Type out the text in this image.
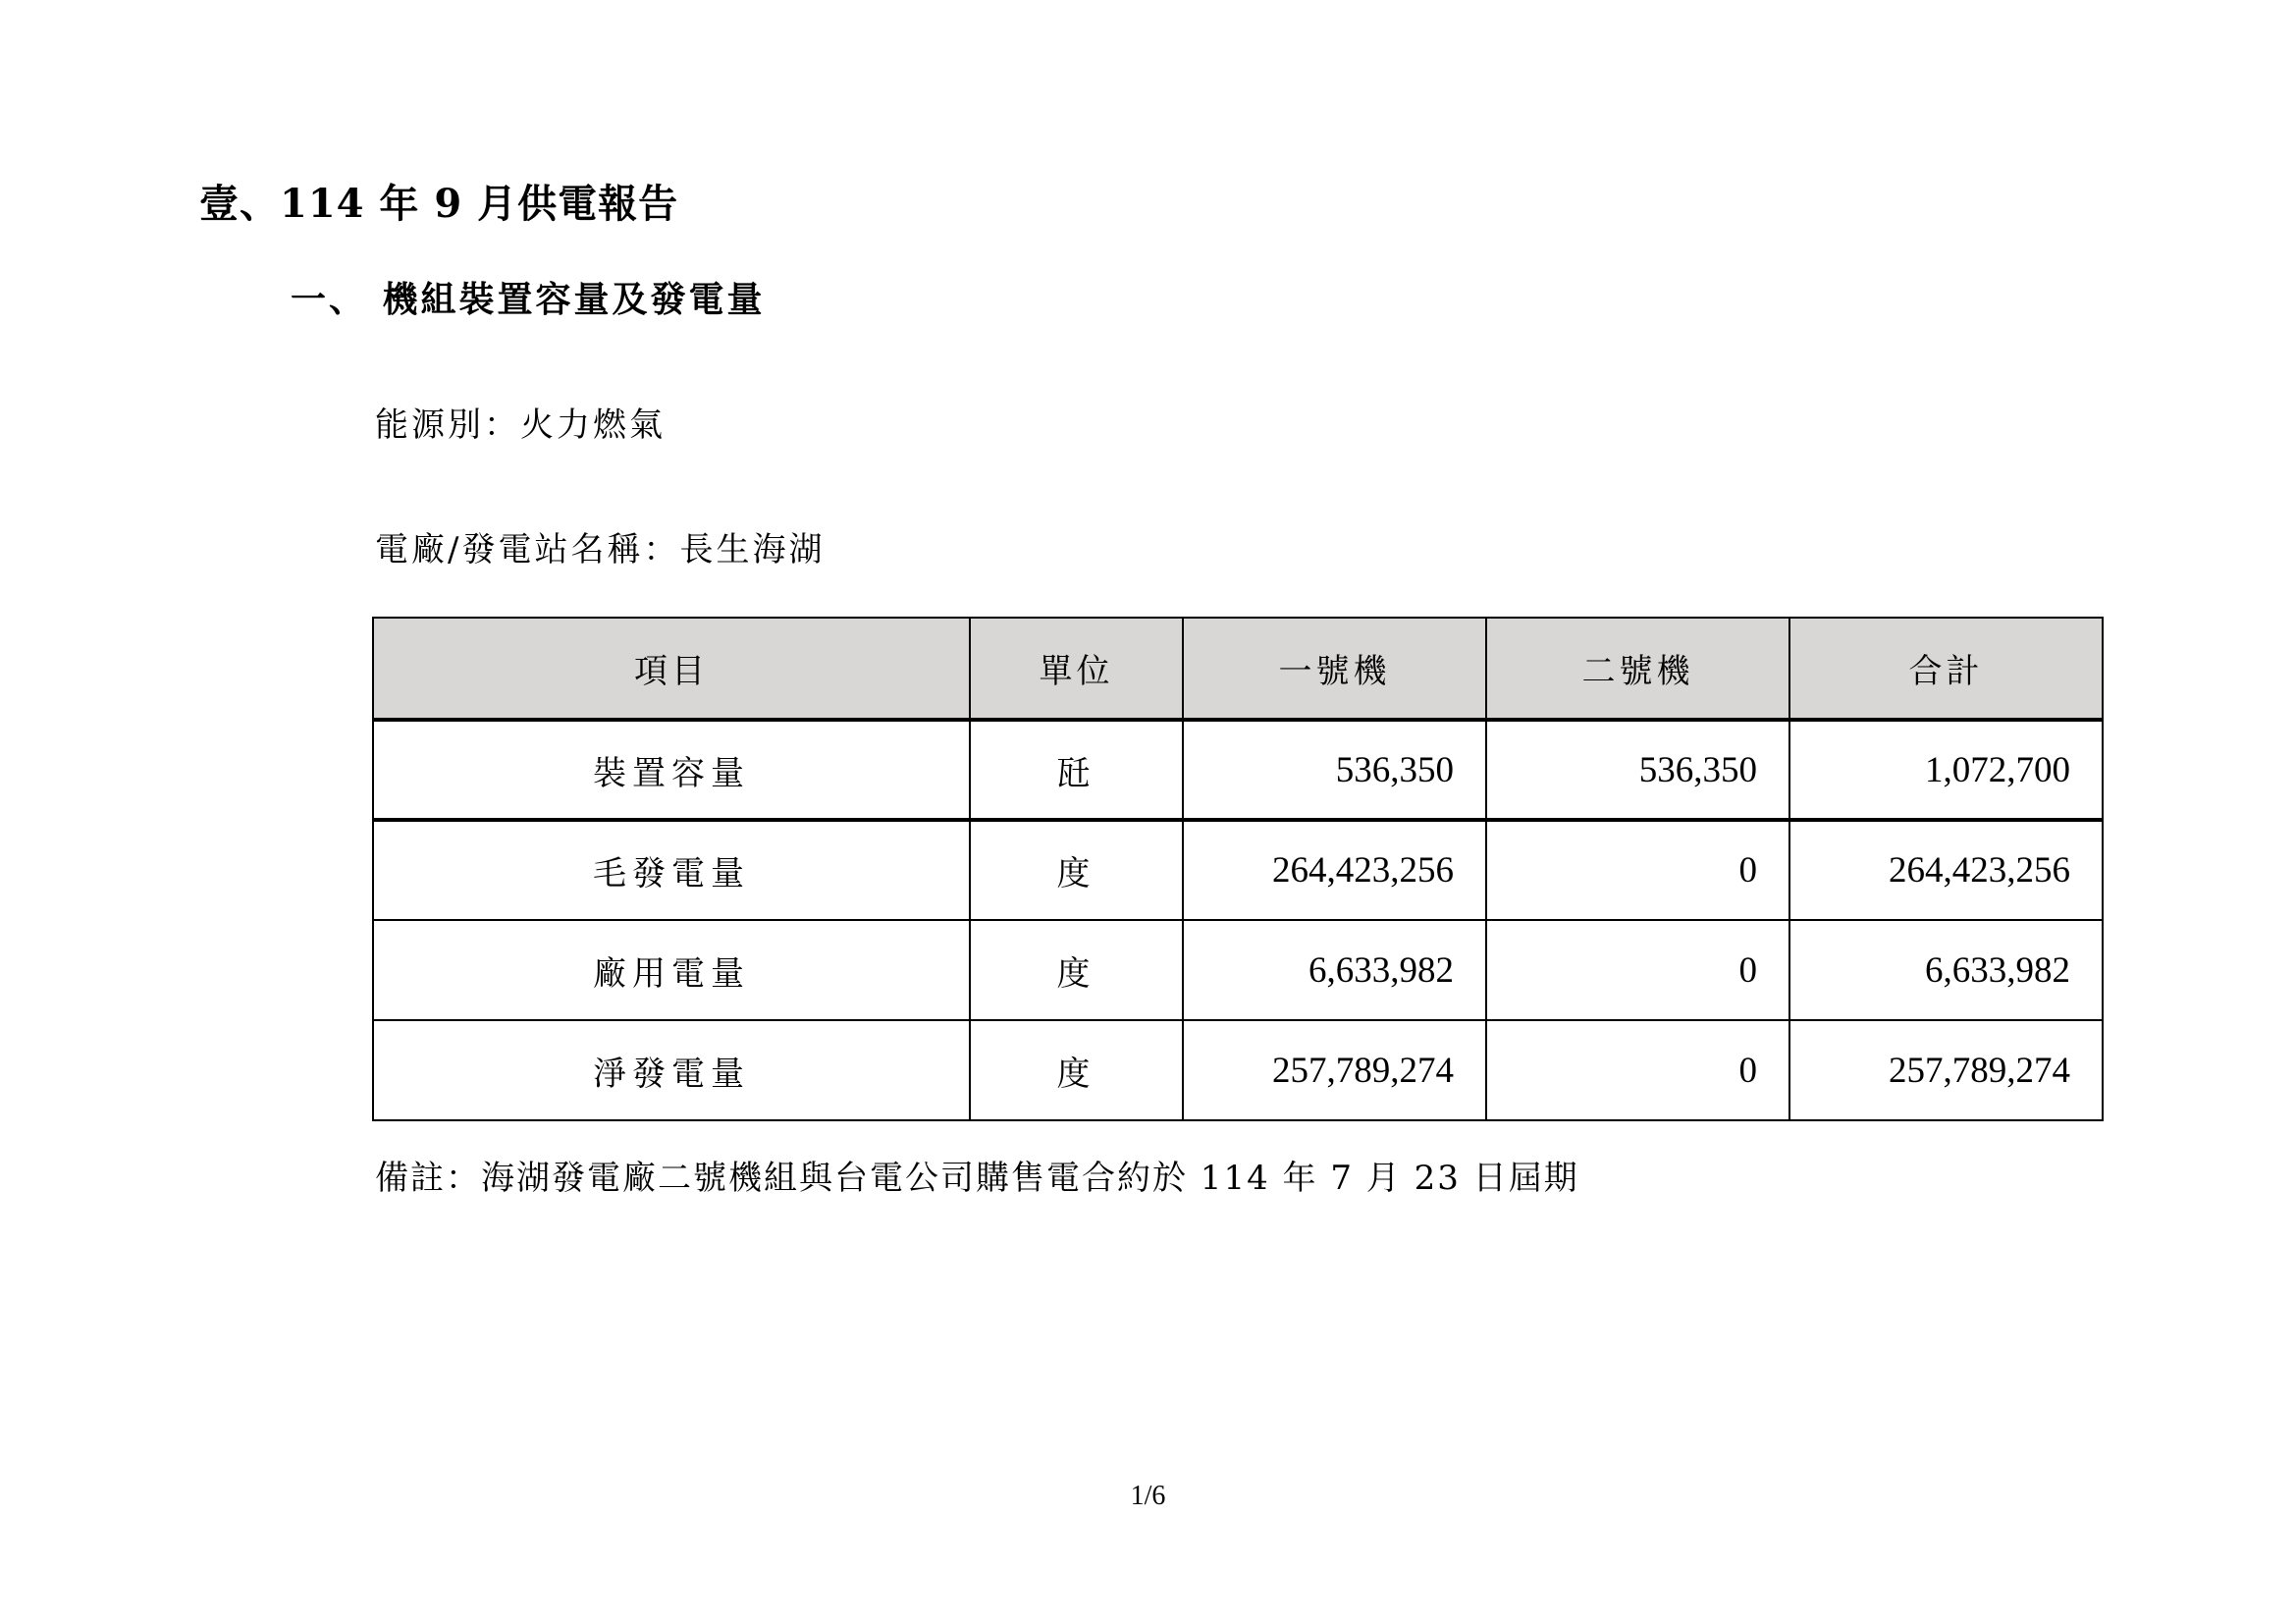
壹、114 年 9 月供電報告
一、 機組裝置容量及發電量
能源別：火力燃氣
電廠/發電站名稱：長生海湖
項目	單位	一號機	二號機	合計
裝置容量	瓩	536,350	536,350	1,072,700
毛發電量	度	264,423,256	0	264,423,256
廠用電量	度	6,633,982	0	6,633,982
淨發電量	度	257,789,274	0	257,789,274
備註：海湖發電廠二號機組與台電公司購售電合約於 114 年 7 月 23 日屆期
1/6
